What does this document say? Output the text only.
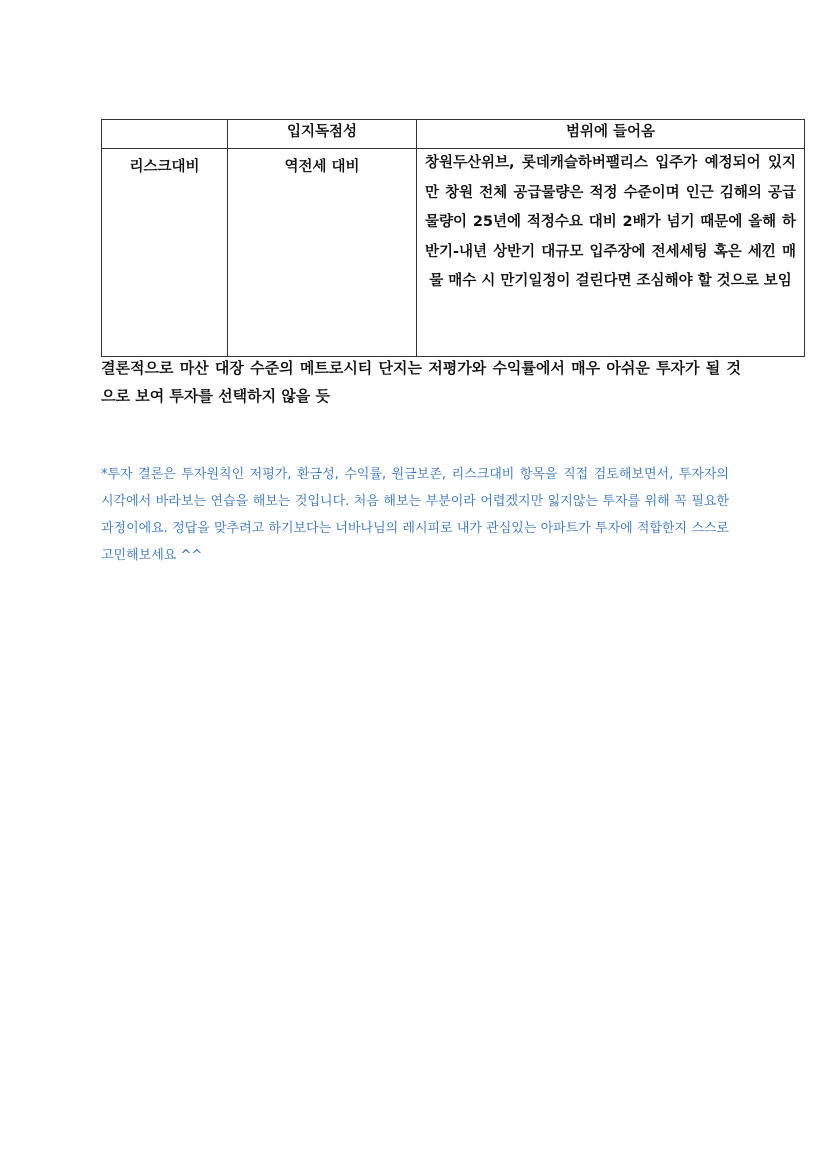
	입지독점성	범위에 들어옴
리스크대비	역전세 대비	창원두산위브, 롯데캐슬하버팰리스 입주가 예정되어 있지만 창원 전체 공급물량은 적정 수준이며 인근 김해의 공급물량이 25년에 적정수요 대비 2배가 넘기 때문에 올해 하반기-내년 상반기 대규모 입주장에 전세세팅 혹은 세낀 매물 매수 시 만기일정이 걸린다면 조심해야 할 것으로 보임
결론적으로 마산 대장 수준의 메트로시티 단지는 저평가와 수익률에서 매우 아쉬운 투자가 될 것으로 보여 투자를 선택하지 않을 듯
*투자 결론은 투자원칙인 저평가, 환금성, 수익률, 원금보존, 리스크대비 항목을 직접 검토해보면서, 투자자의 시각에서 바라보는 연습을 해보는 것입니다. 처음 해보는 부분이라 어렵겠지만 잃지않는 투자를 위해 꼭 필요한 과정이에요. 정답을 맞추려고 하기보다는 너바나님의 레시피로 내가 관심있는 아파트가 투자에 적합한지 스스로 고민해보세요 ^^
